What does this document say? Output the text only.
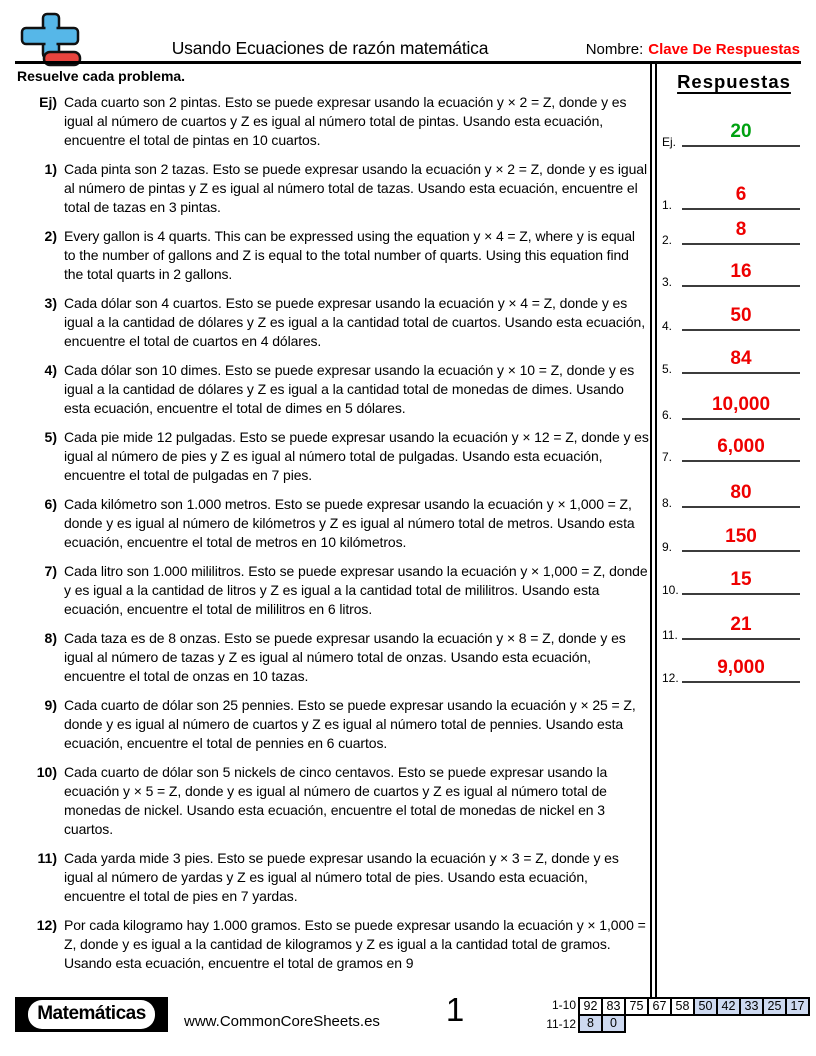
Usando Ecuaciones de razón matemática	Nombre: Clave De Respuestas
Resuelve cada problema.
Ej) Cada cuarto son 2 pintas. Esto se puede expresar usando la ecuación y × 2 = Z, donde y es igual al número de cuartos y Z es igual al número total de pintas. Usando esta ecuación, encuentre el total de pintas en 10 cuartos.
1) Cada pinta son 2 tazas. Esto se puede expresar usando la ecuación y × 2 = Z, donde y es igual al número de pintas y Z es igual al número total de tazas. Usando esta ecuación, encuentre el total de tazas en 3 pintas.
2) Every gallon is 4 quarts. This can be expressed using the equation y × 4 = Z, where y is equal to the number of gallons and Z is equal to the total number of quarts. Using this equation find the total quarts in 2 gallons.
3) Cada dólar son 4 cuartos. Esto se puede expresar usando la ecuación y × 4 = Z, donde y es igual a la cantidad de dólares y Z es igual a la cantidad total de cuartos. Usando esta ecuación, encuentre el total de cuartos en 4 dólares.
4) Cada dólar son 10 dimes. Esto se puede expresar usando la ecuación y × 10 = Z, donde y es igual a la cantidad de dólares y Z es igual a la cantidad total de monedas de dimes. Usando esta ecuación, encuentre el total de dimes en 5 dólares.
5) Cada pie mide 12 pulgadas. Esto se puede expresar usando la ecuación y × 12 = Z, donde y es igual al número de pies y Z es igual al número total de pulgadas. Usando esta ecuación, encuentre el total de pulgadas en 7 pies.
6) Cada kilómetro son 1.000 metros. Esto se puede expresar usando la ecuación y × 1,000 = Z, donde y es igual al número de kilómetros y Z es igual al número total de metros. Usando esta ecuación, encuentre el total de metros en 10 kilómetros.
7) Cada litro son 1.000 mililitros. Esto se puede expresar usando la ecuación y × 1,000 = Z, donde y es igual a la cantidad de litros y Z es igual a la cantidad total de mililitros. Usando esta ecuación, encuentre el total de mililitros en 6 litros.
8) Cada taza es de 8 onzas. Esto se puede expresar usando la ecuación y × 8 = Z, donde y es igual al número de tazas y Z es igual al número total de onzas. Usando esta ecuación, encuentre el total de onzas en 10 tazas.
9) Cada cuarto de dólar son 25 pennies. Esto se puede expresar usando la ecuación y × 25 = Z, donde y es igual al número de cuartos y Z es igual al número total de pennies. Usando esta ecuación, encuentre el total de pennies en 6 cuartos.
10) Cada cuarto de dólar son 5 nickels de cinco centavos. Esto se puede expresar usando la ecuación y × 5 = Z, donde y es igual al número de cuartos y Z es igual al número total de monedas de nickel. Usando esta ecuación, encuentre el total de monedas de nickel en 3 cuartos.
11) Cada yarda mide 3 pies. Esto se puede expresar usando la ecuación y × 3 = Z, donde y es igual al número de yardas y Z es igual al número total de pies. Usando esta ecuación, encuentre el total de pies en 7 yardas.
12) Por cada kilogramo hay 1.000 gramos. Esto se puede expresar usando la ecuación y × 1,000 = Z, donde y es igual a la cantidad de kilogramos y Z es igual a la cantidad total de gramos. Usando esta ecuación, encuentre el total de gramos en 9
Respuestas
Ej.	20
1.	6
2.	8
3.	16
4.	50
5.	84
6.	10,000
7.	6,000
8.	80
9.	150
10.	15
11.	21
12.	9,000
Matemáticas	www.CommonCoreSheets.es	1	1-10 92 83 75 67 58 50 42 33 25 17
11-12 8	0
